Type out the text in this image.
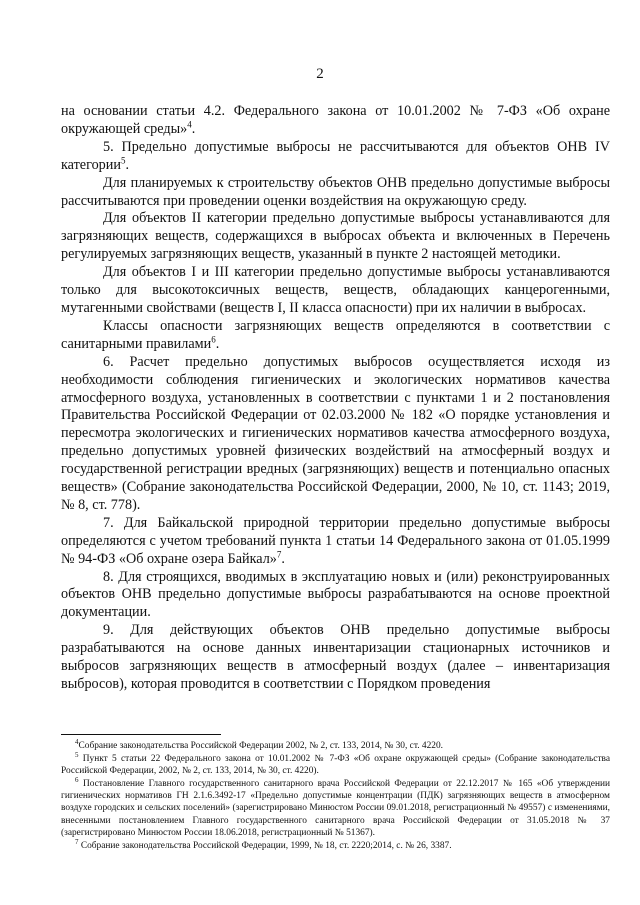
2

на основании статьи 4.2. Федерального закона от 10.01.2002 № 7-ФЗ «Об охране окружающей среды»$^4$.

5. Предельно допустимые выбросы не рассчитываются для объектов ОНВ IV категории$^5$.

Для планируемых к строительству объектов ОНВ предельно допустимые выбросы рассчитываются при проведении оценки воздействия на окружающую среду.

Для объектов II категории предельно допустимые выбросы устанавливаются для загрязняющих веществ, содержащихся в выбросах объекта и включенных в Перечень регулируемых загрязняющих веществ, указанный в пункте 2 настоящей методики.

Для объектов I и III категории предельно допустимые выбросы устанавливаются только для высокотоксичных веществ, веществ, обладающих канцерогенными, мутагенными свойствами (веществ I, II класса опасности) при их наличии в выбросах.

Классы опасности загрязняющих веществ определяются в соответствии с санитарными правилами$^6$.

6. Расчет предельно допустимых выбросов осуществляется исходя из необходимости соблюдения гигиенических и экологических нормативов качества атмосферного воздуха, установленных в соответствии с пунктами 1 и 2 постановления Правительства Российской Федерации от 02.03.2000 № 182 «О порядке установления и пересмотра экологических и гигиенических нормативов качества атмосферного воздуха, предельно допустимых уровней физических воздействий на атмосферный воздух и государственной регистрации вредных (загрязняющих) веществ и потенциально опасных веществ» (Собрание законодательства Российской Федерации, 2000, № 10, ст. 1143; 2019, № 8, ст. 778).

7. Для Байкальской природной территории предельно допустимые выбросы определяются с учетом требований пункта 1 статьи 14 Федерального закона от 01.05.1999 № 94-ФЗ «Об охране озера Байкал»$^7$.

8. Для строящихся, вводимых в эксплуатацию новых и (или) реконструированных объектов ОНВ предельно допустимые выбросы разрабатываются на основе проектной документации.

9. Для действующих объектов ОНВ предельно допустимые выбросы разрабатываются на основе данных инвентаризации стационарных источников и выбросов загрязняющих веществ в атмосферный воздух (далее – инвентаризация выбросов), которая проводится в соответствии с Порядком проведения

$^4$Собрание законодательства Российской Федерации 2002, № 2, ст. 133, 2014, № 30, ст. 4220.

$^5$ Пункт 5 статьи 22 Федерального закона от 10.01.2002 № 7-ФЗ «Об охране окружающей среды» (Собрание законодательства Российской Федерации, 2002, № 2, ст. 133, 2014, № 30, ст. 4220).

$^6$ Постановление Главного государственного санитарного врача Российской Федерации от 22.12.2017 № 165 «Об утверждении гигиенических нормативов ГН 2.1.6.3492-17 «Предельно допустимые концентрации (ПДК) загрязняющих веществ в атмосферном воздухе городских и сельских поселений» (зарегистрировано Минюстом России 09.01.2018, регистрационный № 49557) с изменениями, внесенными постановлением Главного государственного санитарного врача Российской Федерации от 31.05.2018 № 37 (зарегистрировано Минюстом России 18.06.2018, регистрационный № 51367).

$^7$ Собрание законодательства Российской Федерации, 1999, № 18, ст. 2220;2014, с. № 26, 3387.
